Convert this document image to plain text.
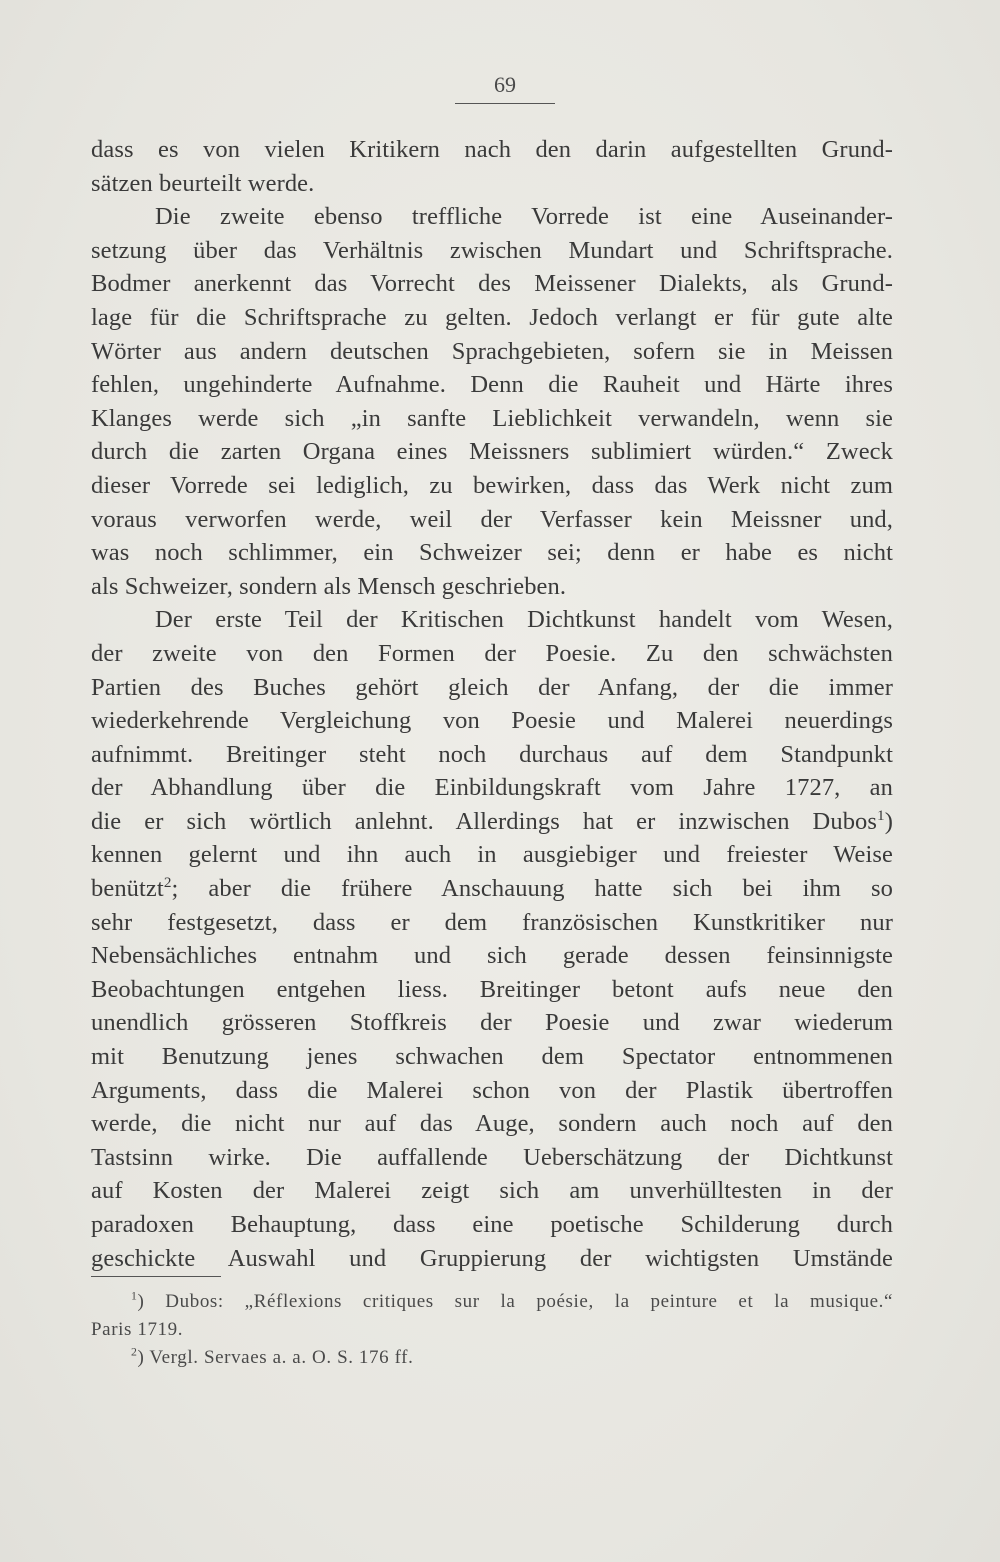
69
dass es von vielen Kritikern nach den darin aufgestellten Grund-
sätzen beurteilt werde.
Die zweite ebenso treffliche Vorrede ist eine Auseinander-
setzung über das Verhältnis zwischen Mundart und Schriftsprache.
Bodmer anerkennt das Vorrecht des Meissener Dialekts, als Grund-
lage für die Schriftsprache zu gelten. Jedoch verlangt er für gute alte
Wörter aus andern deutschen Sprachgebieten, sofern sie in Meissen
fehlen, ungehinderte Aufnahme. Denn die Rauheit und Härte ihres
Klanges werde sich „in sanfte Lieblichkeit verwandeln, wenn sie
durch die zarten Organa eines Meissners sublimiert würden.“ Zweck
dieser Vorrede sei lediglich, zu bewirken, dass das Werk nicht zum
voraus verworfen werde, weil der Verfasser kein Meissner und,
was noch schlimmer, ein Schweizer sei; denn er habe es nicht
als Schweizer, sondern als Mensch geschrieben.
Der erste Teil der Kritischen Dichtkunst handelt vom Wesen,
der zweite von den Formen der Poesie. Zu den schwächsten
Partien des Buches gehört gleich der Anfang, der die immer
wiederkehrende Vergleichung von Poesie und Malerei neuerdings
aufnimmt. Breitinger steht noch durchaus auf dem Standpunkt
der Abhandlung über die Einbildungskraft vom Jahre 1727, an
die er sich wörtlich anlehnt. Allerdings hat er inzwischen Dubos$^1$)
kennen gelernt und ihn auch in ausgiebiger und freiester Weise
benützt$^2$; aber die frühere Anschauung hatte sich bei ihm so
sehr festgesetzt, dass er dem französischen Kunstkritiker nur
Nebensächliches entnahm und sich gerade dessen feinsinnigste
Beobachtungen entgehen liess. Breitinger betont aufs neue den
unendlich grösseren Stoffkreis der Poesie und zwar wiederum
mit Benutzung jenes schwachen dem Spectator entnommenen
Arguments, dass die Malerei schon von der Plastik übertroffen
werde, die nicht nur auf das Auge, sondern auch noch auf den
Tastsinn wirke. Die auffallende Ueberschätzung der Dichtkunst
auf Kosten der Malerei zeigt sich am unverhülltesten in der
paradoxen Behauptung, dass eine poetische Schilderung durch
geschickte Auswahl und Gruppierung der wichtigsten Umstände
$^1$) Dubos: „Réflexions critiques sur la poésie, la peinture et la musique.“
Paris 1719.
$^2$) Vergl. Servaes a. a. O. S. 176 ff.
